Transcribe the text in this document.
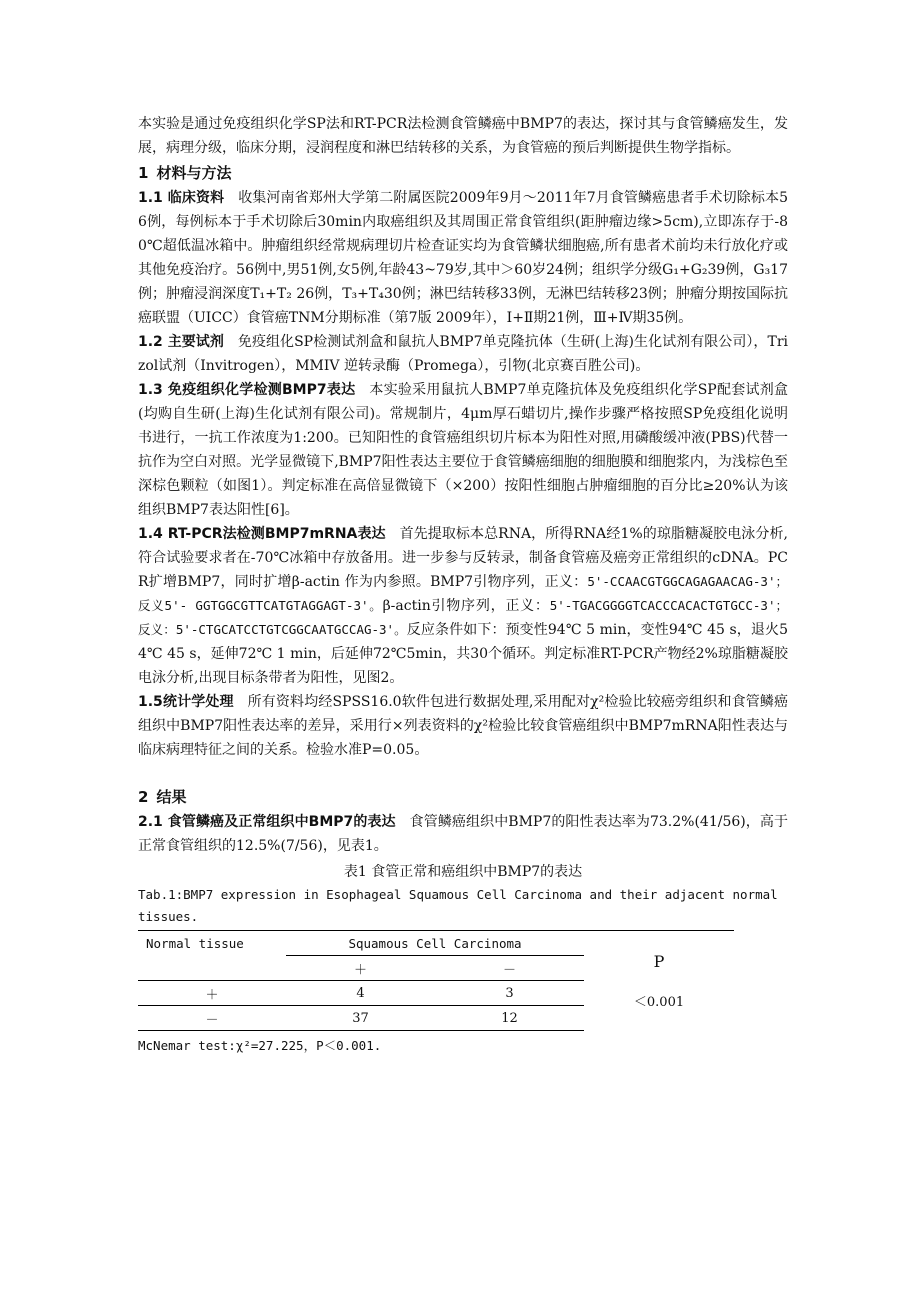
本实验是通过免疫组织化学SP法和RT-PCR法检测食管鳞癌中BMP7的表达，探讨其与食管鳞癌发生，发展，病理分级，临床分期，浸润程度和淋巴结转移的关系，为食管癌的预后判断提供生物学指标。

1 材料与方法

1.1 临床资料 收集河南省郑州大学第二附属医院2009年9月～2011年7月食管鳞癌患者手术切除标本56例，每例标本于手术切除后30min内取癌组织及其周围正常食管组织(距肿瘤边缘>5cm),立即冻存于-80℃超低温冰箱中。肿瘤组织经常规病理切片检查证实均为食管鳞状细胞癌,所有患者术前均未行放化疗或其他免疫治疗。56例中,男51例,女5例,年龄43~79岁,其中＞60岁24例；组织学分级G₁+G₂39例，G₃17例；肿瘤浸润深度T₁+T₂ 26例，T₃+T₄30例；淋巴结转移33例，无淋巴结转移23例；肿瘤分期按国际抗癌联盟（UICC）食管癌TNM分期标准（第7版 2009年），Ⅰ+Ⅱ期21例，Ⅲ+Ⅳ期35例。

1.2 主要试剂 免疫组化SP检测试剂盒和鼠抗人BMP7单克隆抗体（生研(上海)生化试剂有限公司），Trizol试剂（Invitrogen），MMIV 逆转录酶（Promega），引物(北京赛百胜公司)。

1.3 免疫组织化学检测BMP7表达 本实验采用鼠抗人BMP7单克隆抗体及免疫组织化学SP配套试剂盒(均购自生研(上海)生化试剂有限公司)。常规制片，4μm厚石蜡切片,操作步骤严格按照SP免疫组化说明书进行，一抗工作浓度为1:200。已知阳性的食管癌组织切片标本为阳性对照,用磷酸缓冲液(PBS)代替一抗作为空白对照。光学显微镜下,BMP7阳性表达主要位于食管鳞癌细胞的细胞膜和细胞浆内，为浅棕色至深棕色颗粒（如图1）。判定标准在高倍显微镜下（×200）按阳性细胞占肿瘤细胞的百分比≥20%认为该组织BMP7表达阳性[6]。

1.4 RT-PCR法检测BMP7mRNA表达 首先提取标本总RNA，所得RNA经1%的琼脂糖凝胶电泳分析,符合试验要求者在-70℃冰箱中存放备用。进一步参与反转录，制备食管癌及癌旁正常组织的cDNA。PCR扩增BMP7，同时扩增β-actin 作为内参照。BMP7引物序列，正义：5'-CCAACGTGGCAGAGAACAG-3'；反义5'- GGTGGCGTTCATGTAGGAGT-3'。β-actin引物序列，正义：5'-TGACGGGGTCACCCACACTGTGCC-3'；反义：5'-CTGCATCCTGTCGGCAATGCCAG-3'。反应条件如下：预变性94℃ 5 min，变性94℃ 45 s，退火54℃ 45 s，延伸72℃ 1 min，后延伸72℃5min，共30个循环。判定标准RT-PCR产物经2%琼脂糖凝胶电泳分析,出现目标条带者为阳性，见图2。

1.5统计学处理 所有资料均经SPSS16.0软件包进行数据处理,采用配对χ²检验比较癌旁组织和食管鳞癌组织中BMP7阳性表达率的差异，采用行×列表资料的χ²检验比较食管癌组织中BMP7mRNA阳性表达与临床病理特征之间的关系。检验水准P=0.05。

2 结果

2.1 食管鳞癌及正常组织中BMP7的表达 食管鳞癌组织中BMP7的阳性表达率为73.2%(41/56)，高于正常食管组织的12.5%(7/56)，见表1。

表1 食管正常和癌组织中BMP7的表达

Tab.1:BMP7 expression in Esophageal Squamous Cell Carcinoma and their adjacent normal tissues.

Normal tissue	Squamous Cell Carcinoma		P
＜0.001

	＋	－	
＋	4	3	
－	37	12	

McNemar test:χ²=27.225，P＜0.001.
